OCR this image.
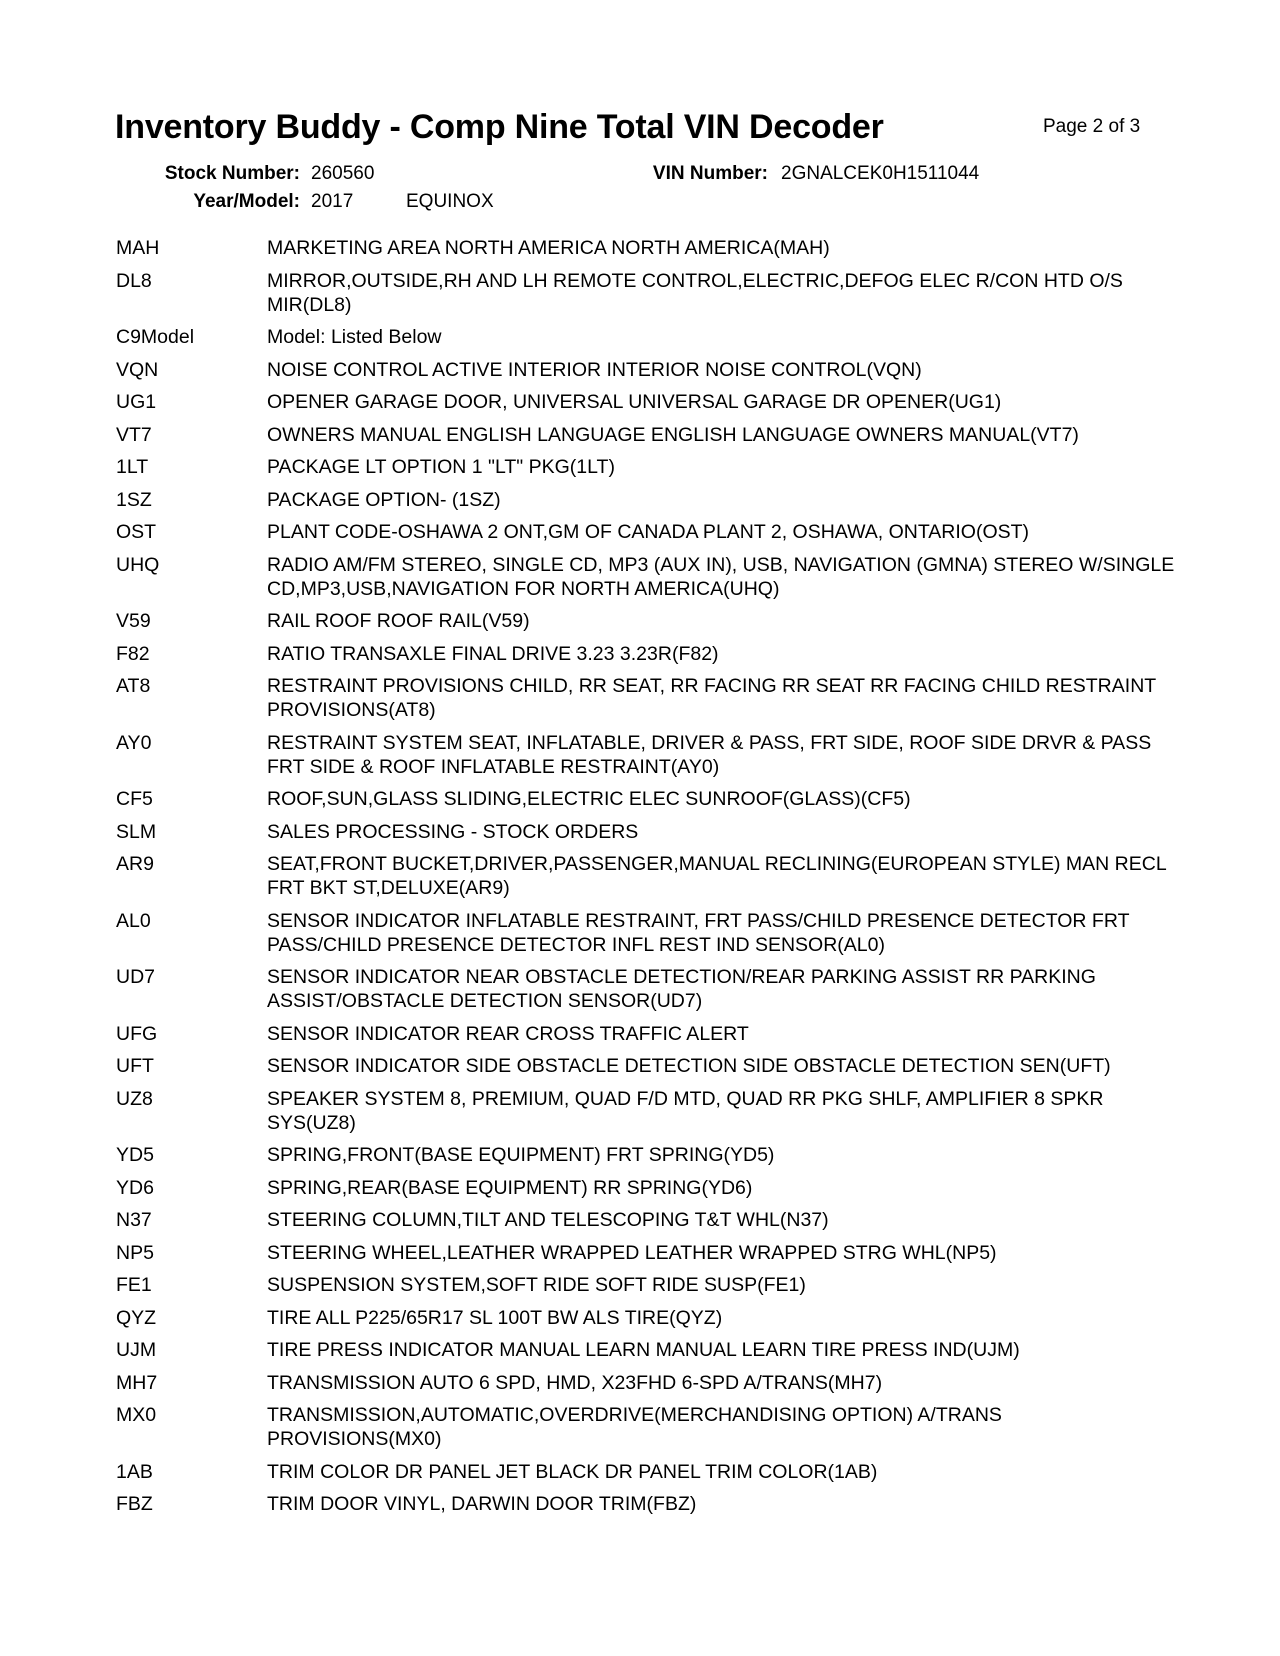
Inventory Buddy - Comp Nine Total VIN Decoder	Page 2 of 3
Stock Number: 260560	VIN Number: 2GNALCEK0H1511044
Year/Model: 2017	EQUINOX
MAH	MARKETING AREA NORTH AMERICA NORTH AMERICA(MAH)
DL8	MIRROR,OUTSIDE,RH AND LH REMOTE CONTROL,ELECTRIC,DEFOG ELEC R/CON HTD O/S MIR(DL8)
C9Model	Model: Listed Below
VQN	NOISE CONTROL ACTIVE INTERIOR INTERIOR NOISE CONTROL(VQN)
UG1	OPENER GARAGE DOOR, UNIVERSAL UNIVERSAL GARAGE DR OPENER(UG1)
VT7	OWNERS MANUAL ENGLISH LANGUAGE ENGLISH LANGUAGE OWNERS MANUAL(VT7)
1LT	PACKAGE LT OPTION 1 "LT" PKG(1LT)
1SZ	PACKAGE OPTION- (1SZ)
OST	PLANT CODE-OSHAWA 2 ONT,GM OF CANADA PLANT 2, OSHAWA, ONTARIO(OST)
UHQ	RADIO AM/FM STEREO, SINGLE CD, MP3 (AUX IN), USB, NAVIGATION (GMNA) STEREO W/SINGLE CD,MP3,USB,NAVIGATION FOR NORTH AMERICA(UHQ)
V59	RAIL ROOF ROOF RAIL(V59)
F82	RATIO TRANSAXLE FINAL DRIVE 3.23 3.23R(F82)
AT8	RESTRAINT PROVISIONS CHILD, RR SEAT, RR FACING RR SEAT RR FACING CHILD RESTRAINT PROVISIONS(AT8)
AY0	RESTRAINT SYSTEM SEAT, INFLATABLE, DRIVER & PASS, FRT SIDE, ROOF SIDE DRVR & PASS FRT SIDE & ROOF INFLATABLE RESTRAINT(AY0)
CF5	ROOF,SUN,GLASS SLIDING,ELECTRIC ELEC SUNROOF(GLASS)(CF5)
SLM	SALES PROCESSING - STOCK ORDERS
AR9	SEAT,FRONT BUCKET,DRIVER,PASSENGER,MANUAL RECLINING(EUROPEAN STYLE) MAN RECL FRT BKT ST,DELUXE(AR9)
AL0	SENSOR INDICATOR INFLATABLE RESTRAINT, FRT PASS/CHILD PRESENCE DETECTOR FRT PASS/CHILD PRESENCE DETECTOR INFL REST IND SENSOR(AL0)
UD7	SENSOR INDICATOR NEAR OBSTACLE DETECTION/REAR PARKING ASSIST RR PARKING ASSIST/OBSTACLE DETECTION SENSOR(UD7)
UFG	SENSOR INDICATOR REAR CROSS TRAFFIC ALERT
UFT	SENSOR INDICATOR SIDE OBSTACLE DETECTION SIDE OBSTACLE DETECTION SEN(UFT)
UZ8	SPEAKER SYSTEM 8, PREMIUM, QUAD F/D MTD, QUAD RR PKG SHLF, AMPLIFIER 8 SPKR SYS(UZ8)
YD5	SPRING,FRONT(BASE EQUIPMENT) FRT SPRING(YD5)
YD6	SPRING,REAR(BASE EQUIPMENT) RR SPRING(YD6)
N37	STEERING COLUMN,TILT AND TELESCOPING T&T WHL(N37)
NP5	STEERING WHEEL,LEATHER WRAPPED LEATHER WRAPPED STRG WHL(NP5)
FE1	SUSPENSION SYSTEM,SOFT RIDE SOFT RIDE SUSP(FE1)
QYZ	TIRE ALL P225/65R17 SL 100T BW ALS TIRE(QYZ)
UJM	TIRE PRESS INDICATOR MANUAL LEARN MANUAL LEARN TIRE PRESS IND(UJM)
MH7	TRANSMISSION AUTO 6 SPD, HMD, X23FHD 6-SPD A/TRANS(MH7)
MX0	TRANSMISSION,AUTOMATIC,OVERDRIVE(MERCHANDISING OPTION) A/TRANS PROVISIONS(MX0)
1AB	TRIM COLOR DR PANEL JET BLACK DR PANEL TRIM COLOR(1AB)
FBZ	TRIM DOOR VINYL, DARWIN DOOR TRIM(FBZ)
